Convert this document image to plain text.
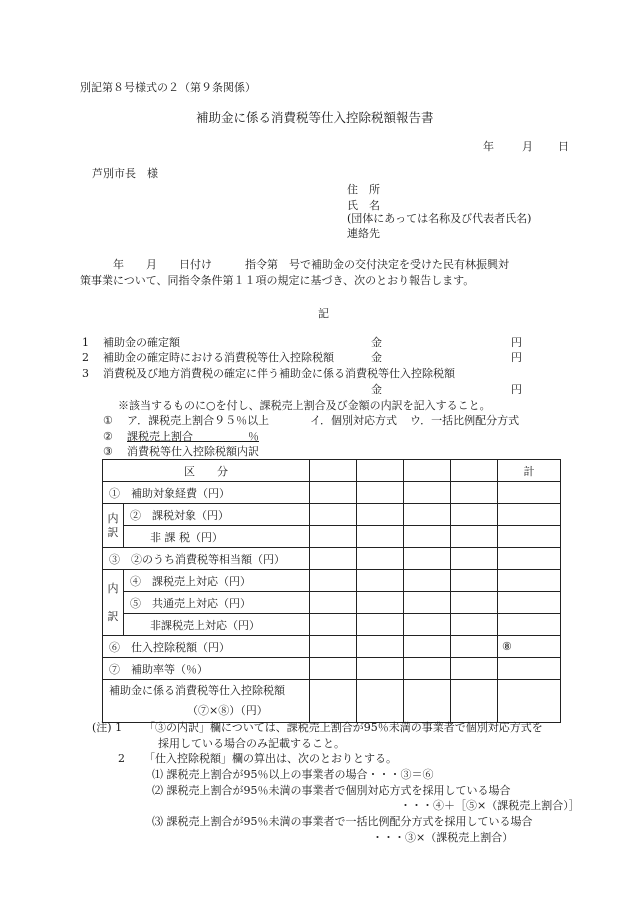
別記第８号様式の２（第９条関係）
補助金に係る消費税等仕入控除税額報告書
年	月 日
芦別市長　様
住　所
氏　名
(団体にあっては名称及び代表者氏名)
連絡先
　　　年　　月　　日付け　　　指令第　号で補助金の交付決定を受けた民有林振興対
策事業について、同指令条件第１１項の規定に基づき、次のとおり報告します。
記
1 補助金の確定額	金	円
2 補助金の確定時における消費税等仕入控除税額	金	円
3 消費税及び地方消費税の確定に伴う補助金に係る消費税等仕入控除税額
金	円
※該当するものに○を付し、課税売上割合及び金額の内訳を記入すること。
① ア．課税売上割合９５％以上	イ．個別対応方式 ウ．一括比例配分方式
② 課税売上割合　　　　　％
③ 消費税等仕入控除税額内訳
区　　分						計
①　補助対象経費（円）						
内
訳	②　課税対象（円）					
	非 課 税（円）					
③　②のうち消費税等相当額（円）						
内

訳	④　課税売上対応（円）					
	⑤　共通売上対応（円）					
	非課税売上対応（円）					
⑥　仕入控除税額（円）						⑧
⑦　補助率等（％）						

補助金に係る消費税等仕入控除税額
（⑦×⑧）（円）						

(注) 1 「③の内訳」欄については、課税売上割合が95％未満の事業者で個別対応方式を
採用している場合のみ記載すること。
2 「仕入控除税額」欄の算出は、次のとおりとする。
⑴ 課税売上割合が95％以上の事業者の場合・・・③＝⑥
⑵ 課税売上割合が95％未満の事業者で個別対応方式を採用している場合
・・・④＋［⑤×（課税売上割合）］
⑶ 課税売上割合が95％未満の事業者で一括比例配分方式を採用している場合
・・・③×（課税売上割合）
